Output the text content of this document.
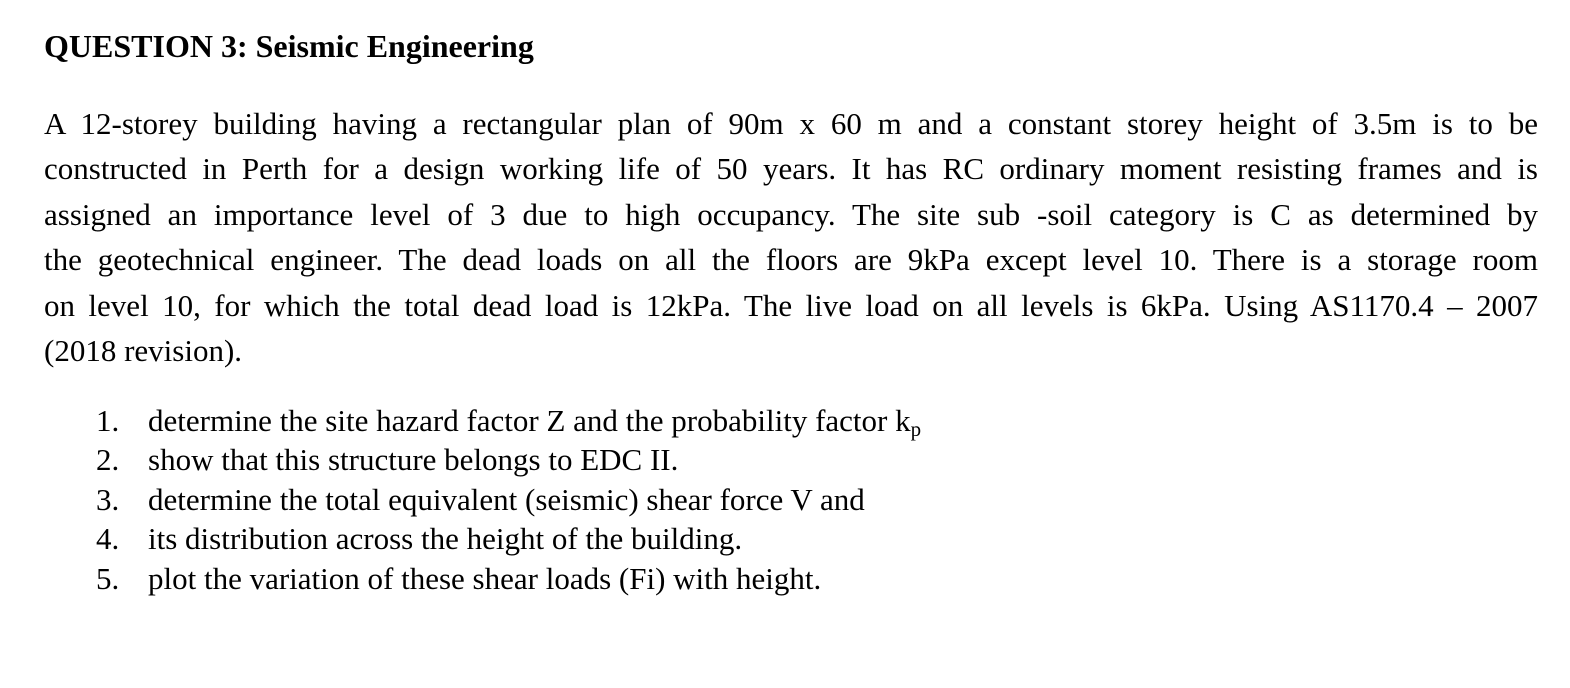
QUESTION 3: Seismic Engineering
A 12-storey building having a rectangular plan of 90m x 60 m and a constant storey height of 3.5m is to be
constructed in Perth for a design working life of 50 years. It has RC ordinary moment resisting frames and is
assigned an importance level of 3 due to high occupancy. The site sub -soil category is C as determined by
the geotechnical engineer. The dead loads on all the floors are 9kPa except level 10. There is a storage room
on level 10, for which the total dead load is 12kPa. The live load on all levels is 6kPa. Using AS1170.4 – 2007
(2018 revision).
1. determine the site hazard factor Z and the probability factor $k_p$
2. show that this structure belongs to EDC II.
3. determine the total equivalent (seismic) shear force V and
4. its distribution across the height of the building.
5. plot the variation of these shear loads (Fi) with height.
